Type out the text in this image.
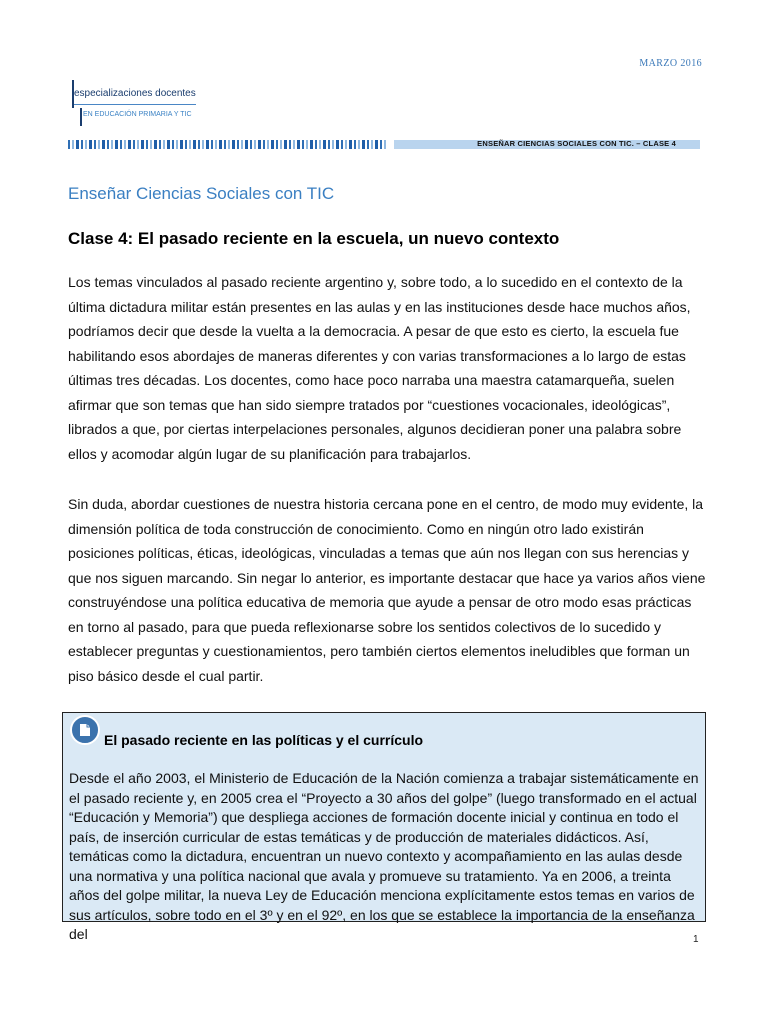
MARZO 2016
especializaciones docentes
EN EDUCACIÓN PRIMARIA Y TIC
ENSEÑAR CIENCIAS SOCIALES CON TIC. – CLASE 4
Enseñar Ciencias Sociales con TIC
Clase 4: El pasado reciente en la escuela, un nuevo contexto

Los temas vinculados al pasado reciente argentino y, sobre todo, a lo sucedido en el contexto de la última dictadura militar están presentes en las aulas y en las instituciones desde hace muchos años, podríamos decir que desde la vuelta a la democracia. A pesar de que esto es cierto, la escuela fue habilitando esos abordajes de maneras diferentes y con varias transformaciones a lo largo de estas últimas tres décadas. Los docentes, como hace poco narraba una maestra catamarqueña, suelen afirmar que son temas que han sido siempre tratados por “cuestiones vocacionales, ideológicas”, librados a que, por ciertas interpelaciones personales, algunos decidieran poner una palabra sobre ellos y acomodar algún lugar de su planificación para trabajarlos.

Sin duda, abordar cuestiones de nuestra historia cercana pone en el centro, de modo muy evidente, la dimensión política de toda construcción de conocimiento. Como en ningún otro lado existirán posiciones políticas, éticas, ideológicas, vinculadas a temas que aún nos llegan con sus herencias y que nos siguen marcando. Sin negar lo anterior, es importante destacar que hace ya varios años viene construyéndose una política educativa de memoria que ayude a pensar de otro modo esas prácticas en torno al pasado, para que pueda reflexionarse sobre los sentidos colectivos de lo sucedido y establecer preguntas y cuestionamientos, pero también ciertos elementos ineludibles que forman un piso básico desde el cual partir.

El pasado reciente en las políticas y el currículo

Desde el año 2003, el Ministerio de Educación de la Nación comienza a trabajar sistemáticamente en el pasado reciente y, en 2005 crea el “Proyecto a 30 años del golpe” (luego transformado en el actual “Educación y Memoria”) que despliega acciones de formación docente inicial y continua en todo el país, de inserción curricular de estas temáticas y de producción de materiales didácticos. Así, temáticas como la dictadura, encuentran un nuevo contexto y acompañamiento en las aulas desde una normativa y una política nacional que avala y promueve su tratamiento. Ya en 2006, a treinta años del golpe militar, la nueva Ley de Educación menciona explícitamente estos temas en varios de sus artículos, sobre todo en el 3º y en el 92º, en los que se establece la importancia de la enseñanza del	1
